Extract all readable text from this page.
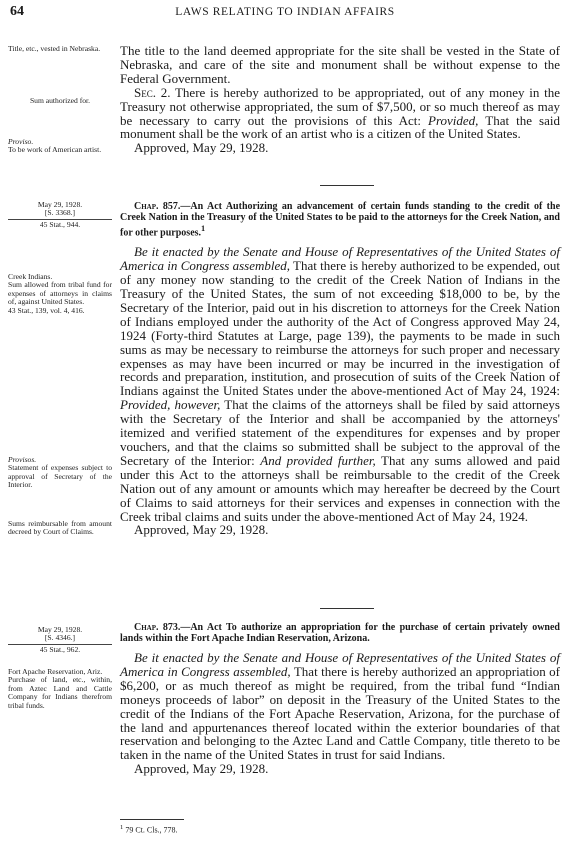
64	LAWS RELATING TO INDIAN AFFAIRS

Title, etc., vested in Nebraska.

Sum authorized for.

Proviso.

To be work of American artist.

May 29, 1928.

[S. 3368.]

45 Stat., 944.

Creek Indians.

Sum allowed from tribal fund for expenses of attorneys in claims of, against United States.

43 Stat., 139, vol. 4, 416.

Provisos.

Statement of expenses subject to approval of Secretary of the Interior.

Sums reimbursable from amount decreed by Court of Claims.

May 29, 1928.

[S. 4346.]

45 Stat., 962.

Fort Apache Reservation, Ariz.

Purchase of land, etc., within, from Aztec Land and Cattle Company for Indians therefrom tribal funds.

The title to the land deemed appropriate for the site shall be vested in the State of Nebraska, and care of the site and monument shall be without expense to the Federal Government.

Sec. 2. There is hereby authorized to be appropriated, out of any money in the Treasury not otherwise appropriated, the sum of $7,500, or so much thereof as may be necessary to carry out the provisions of this Act: Provided, That the said monument shall be the work of an artist who is a citizen of the United States.

Approved, May 29, 1928.

Chap. 857.—An Act Authorizing an advancement of certain funds standing to the credit of the Creek Nation in the Treasury of the United States to be paid to the attorneys for the Creek Nation, and for other purposes.$^1$

Be it enacted by the Senate and House of Representatives of the United States of America in Congress assembled, That there is hereby authorized to be expended, out of any money now standing to the credit of the Creek Nation of Indians in the Treasury of the United States, the sum of not exceeding $18,000 to be, by the Secretary of the Interior, paid out in his discretion to attorneys for the Creek Nation of Indians employed under the authority of the Act of Congress approved May 24, 1924 (Forty-third Statutes at Large, page 139), the payments to be made in such sums as may be necessary to reimburse the attorneys for such proper and necessary expenses as may have been incurred or may be incurred in the investigation of records and preparation, institution, and prosecution of suits of the Creek Nation of Indians against the United States under the above-mentioned Act of May 24, 1924: Provided, however, That the claims of the attorneys shall be filed by said attorneys with the Secretary of the Interior and shall be accompanied by the attorneys' itemized and verified statement of the expenditures for expenses and by proper vouchers, and that the claims so submitted shall be subject to the approval of the Secretary of the Interior: And provided further, That any sums allowed and paid under this Act to the attorneys shall be reimbursable to the credit of the Creek Nation out of any amount or amounts which may hereafter be decreed by the Court of Claims to said attorneys for their services and expenses in connection with the Creek tribal claims and suits under the above-mentioned Act of May 24, 1924.

Approved, May 29, 1928.

Chap. 873.—An Act To authorize an appropriation for the purchase of certain privately owned lands within the Fort Apache Indian Reservation, Arizona.

Be it enacted by the Senate and House of Representatives of the United States of America in Congress assembled, That there is hereby authorized an appropriation of $6,200, or as much thereof as might be required, from the tribal fund “Indian moneys proceeds of labor” on deposit in the Treasury of the United States to the credit of the Indians of the Fort Apache Reservation, Arizona, for the purchase of the land and appurtenances thereof located within the exterior boundaries of that reservation and belonging to the Aztec Land and Cattle Company, title thereto to be taken in the name of the United States in trust for said Indians.

Approved, May 29, 1928.

$^1$ 79 Ct. Cls., 778.
